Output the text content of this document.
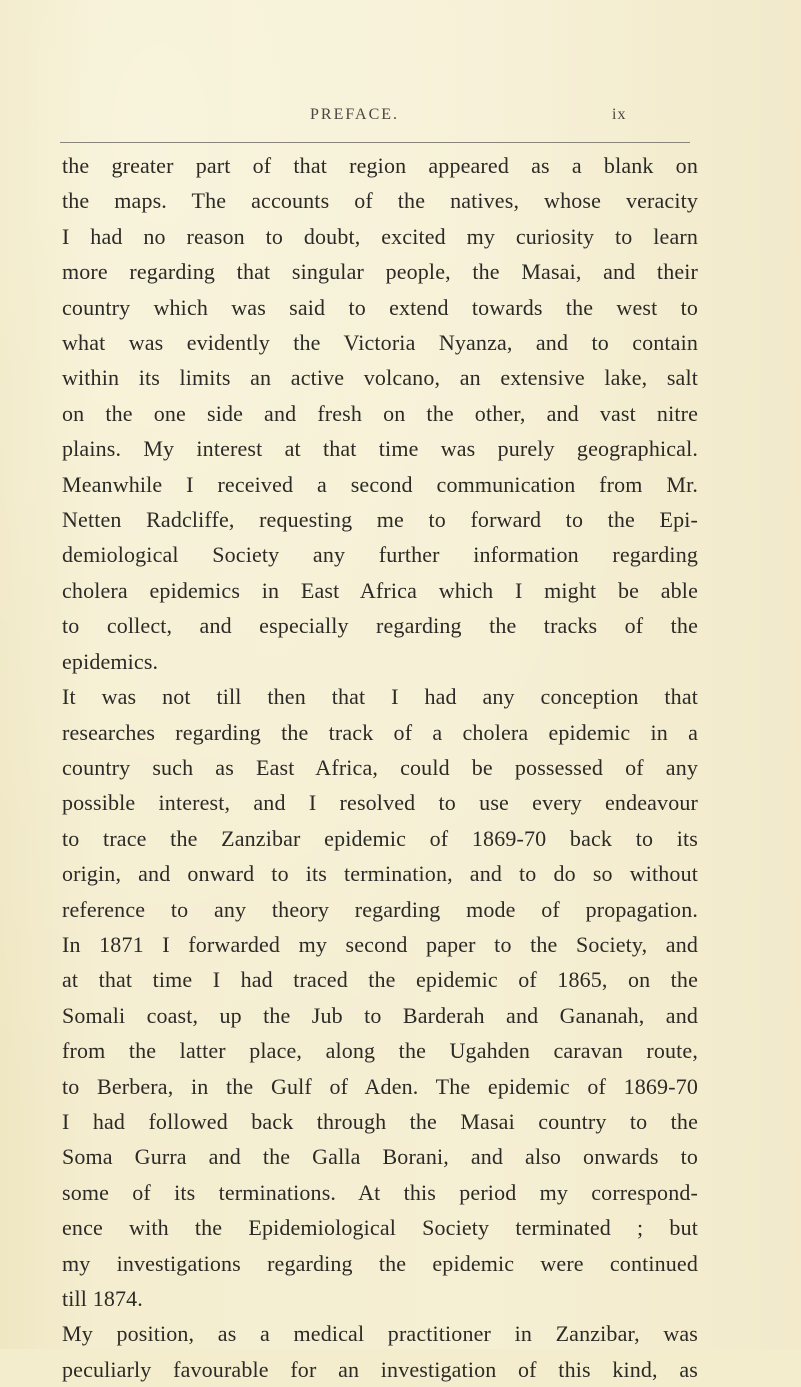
PREFACE.	ix
the greater part of that region appeared as a blank on
the maps. The accounts of the natives, whose veracity
I had no reason to doubt, excited my curiosity to learn
more regarding that singular people, the Masai, and their
country which was said to extend towards the west to
what was evidently the Victoria Nyanza, and to contain
within its limits an active volcano, an extensive lake, salt
on the one side and fresh on the other, and vast nitre
plains. My interest at that time was purely geographical.
Meanwhile I received a second communication from Mr.
Netten Radcliffe, requesting me to forward to the Epi-
demiological Society any further information regarding
cholera epidemics in East Africa which I might be able
to collect, and especially regarding the tracks of the
epidemics.
It was not till then that I had any conception that
researches regarding the track of a cholera epidemic in a
country such as East Africa, could be possessed of any
possible interest, and I resolved to use every endeavour
to trace the Zanzibar epidemic of 1869-70 back to its
origin, and onward to its termination, and to do so without
reference to any theory regarding mode of propagation.
In 1871 I forwarded my second paper to the Society, and
at that time I had traced the epidemic of 1865, on the
Somali coast, up the Jub to Barderah and Gananah, and
from the latter place, along the Ugahden caravan route,
to Berbera, in the Gulf of Aden. The epidemic of 1869-70
I had followed back through the Masai country to the
Soma Gurra and the Galla Borani, and also onwards to
some of its terminations. At this period my correspond-
ence with the Epidemiological Society terminated ; but
my investigations regarding the epidemic were continued
till 1874.
My position, as a medical practitioner in Zanzibar, was
peculiarly favourable for an investigation of this kind, as
